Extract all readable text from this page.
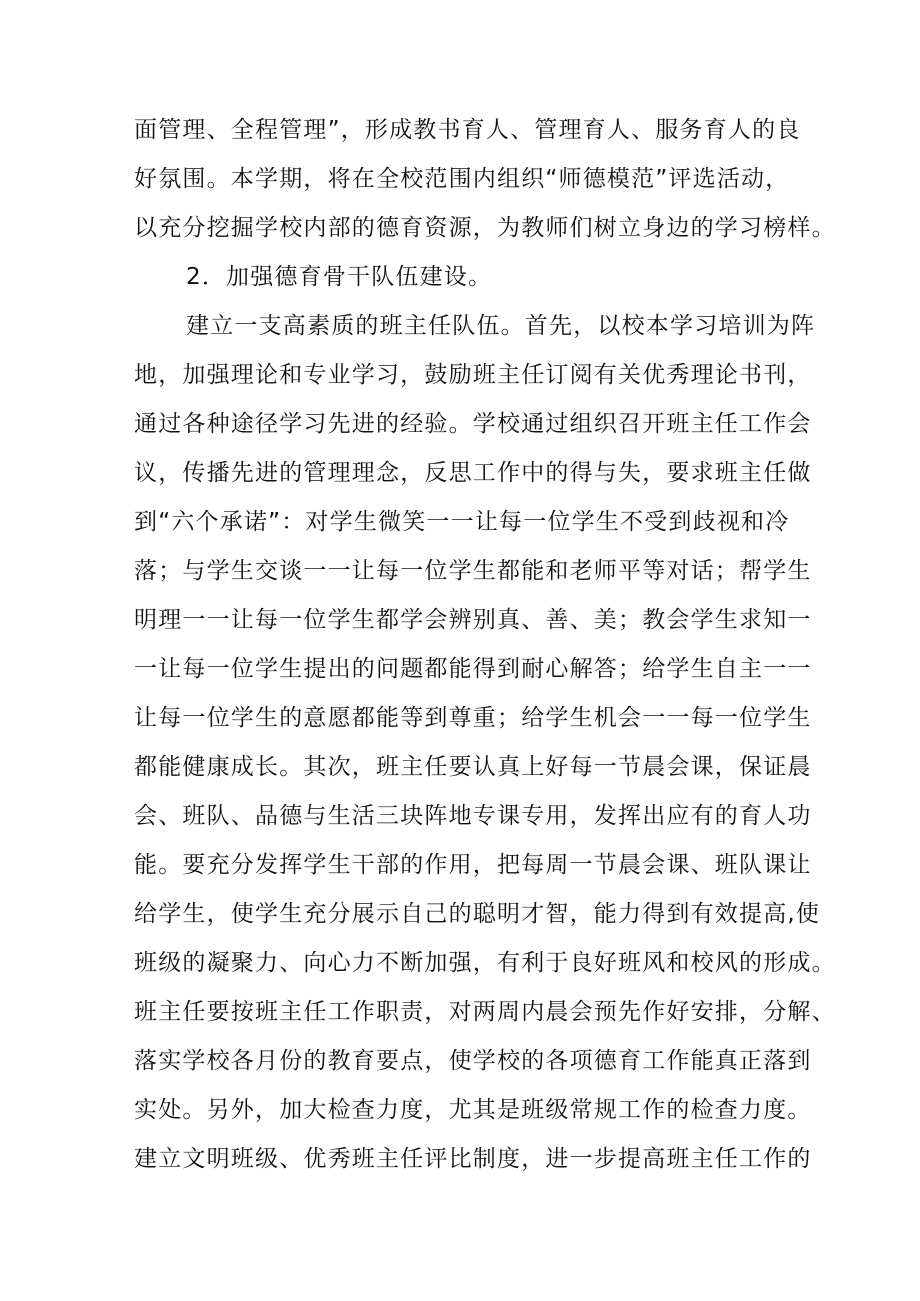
面管理、全程管理”，形成教书育人、管理育人、服务育人的良
好氛围。本学期，将在全校范围内组织“师德模范”评选活动，
以充分挖掘学校内部的德育资源，为教师们树立身边的学习榜样。
2．加强德育骨干队伍建设。
建立一支高素质的班主任队伍。首先，以校本学习培训为阵
地，加强理论和专业学习，鼓励班主任订阅有关优秀理论书刊，
通过各种途径学习先进的经验。学校通过组织召开班主任工作会
议，传播先进的管理理念，反思工作中的得与失，要求班主任做
到“六个承诺”：对学生微笑一一让每一位学生不受到歧视和冷
落；与学生交谈一一让每一位学生都能和老师平等对话；帮学生
明理一一让每一位学生都学会辨别真、善、美；教会学生求知一
一让每一位学生提出的问题都能得到耐心解答；给学生自主一一
让每一位学生的意愿都能等到尊重；给学生机会一一每一位学生
都能健康成长。其次，班主任要认真上好每一节晨会课，保证晨
会、班队、品德与生活三块阵地专课专用，发挥出应有的育人功
能。要充分发挥学生干部的作用，把每周一节晨会课、班队课让
给学生，使学生充分展示自己的聪明才智，能力得到有效提高,使
班级的凝聚力、向心力不断加强，有利于良好班风和校风的形成。
班主任要按班主任工作职责，对两周内晨会预先作好安排，分解、
落实学校各月份的教育要点，使学校的各项德育工作能真正落到
实处。另外，加大检查力度，尤其是班级常规工作的检查力度。
建立文明班级、优秀班主任评比制度，进一步提高班主任工作的
